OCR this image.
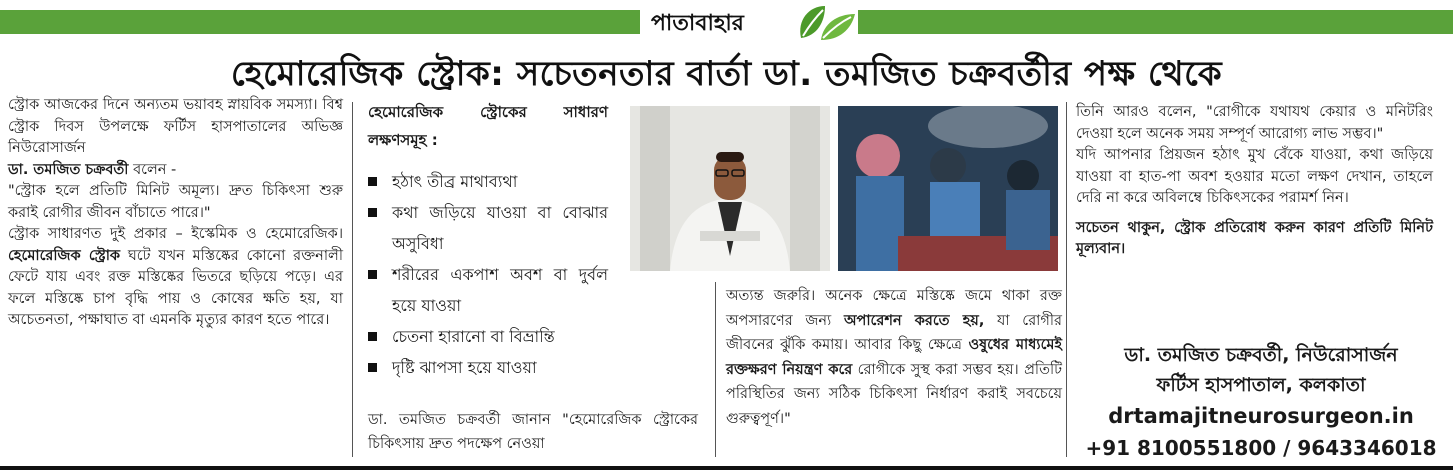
পাতাবাহার
হেমোরেজিক স্ট্রোক: সচেতনতার বার্তা ডা. তমজিত চক্রবর্তীর পক্ষ থেকে

স্ট্রোক আজকের দিনে অন্যতম ভয়াবহ স্নায়বিক সমস্যা। বিশ্ব স্ট্রোক দিবস উপলক্ষে ফর্টিস হাসপাতালের অভিজ্ঞ নিউরোসার্জন

ডা. তমজিত চক্রবর্তী বলেন -

"স্ট্রোক হলে প্রতিটি মিনিট অমূল্য। দ্রুত চিকিৎসা শুরু করাই রোগীর জীবন বাঁচাতে পারে।"

স্ট্রোক সাধারণত দুই প্রকার – ইস্কেমিক ও হেমোরেজিক। হেমোরেজিক স্ট্রোক ঘটে যখন মস্তিষ্কের কোনো রক্তনালী ফেটে যায় এবং রক্ত মস্তিষ্কের ভিতরে ছড়িয়ে পড়ে। এর ফলে মস্তিষ্কে চাপ বৃদ্ধি পায় ও কোষের ক্ষতি হয়, যা অচেতনতা, পক্ষাঘাত বা এমনকি মৃত্যুর কারণ হতে পারে।

হেমোরেজিক স্ট্রোকের সাধারণ লক্ষণসমূহ :
হঠাৎ তীব্র মাথাব্যথা
কথা জড়িয়ে যাওয়া বা বোঝার অসুবিধা
শরীরের একপাশ অবশ বা দুর্বল হয়ে যাওয়া
চেতনা হারানো বা বিভ্রান্তি
দৃষ্টি ঝাপসা হয়ে যাওয়া
ডা. তমজিত চক্রবর্তী জানান "হেমোরেজিক স্ট্রোকের চিকিৎসায় দ্রুত পদক্ষেপ নেওয়া

অত্যন্ত জরুরি। অনেক ক্ষেত্রে মস্তিষ্কে জমে থাকা রক্ত অপসারণের জন্য অপারেশন করতে হয়, যা রোগীর জীবনের ঝুঁকি কমায়। আবার কিছু ক্ষেত্রে ওষুধের মাধ্যমেই রক্তক্ষরণ নিয়ন্ত্রণ করে রোগীকে সুস্থ করা সম্ভব হয়। প্রতিটি পরিস্থিতির জন্য সঠিক চিকিৎসা নির্ধারণ করাই সবচেয়ে গুরুত্বপূর্ণ।"

তিনি আরও বলেন, "রোগীকে যথাযথ কেয়ার ও মনিটরিং দেওয়া হলে অনেক সময় সম্পূর্ণ আরোগ্য লাভ সম্ভব।"

যদি আপনার প্রিয়জন হঠাৎ মুখ বেঁকে যাওয়া, কথা জড়িয়ে যাওয়া বা হাত-পা অবশ হওয়ার মতো লক্ষণ দেখান, তাহলে দেরি না করে অবিলম্বে চিকিৎসকের পরামর্শ নিন।

সচেতন থাকুন, স্ট্রোক প্রতিরোধ করুন কারণ প্রতিটি মিনিট মূল্যবান।

ডা. তমজিত চক্রবর্তী, নিউরোসার্জন
ফর্টিস হাসপাতাল, কলকাতা
drtamajitneurosurgeon.in
+91 8100551800 / 9643346018
